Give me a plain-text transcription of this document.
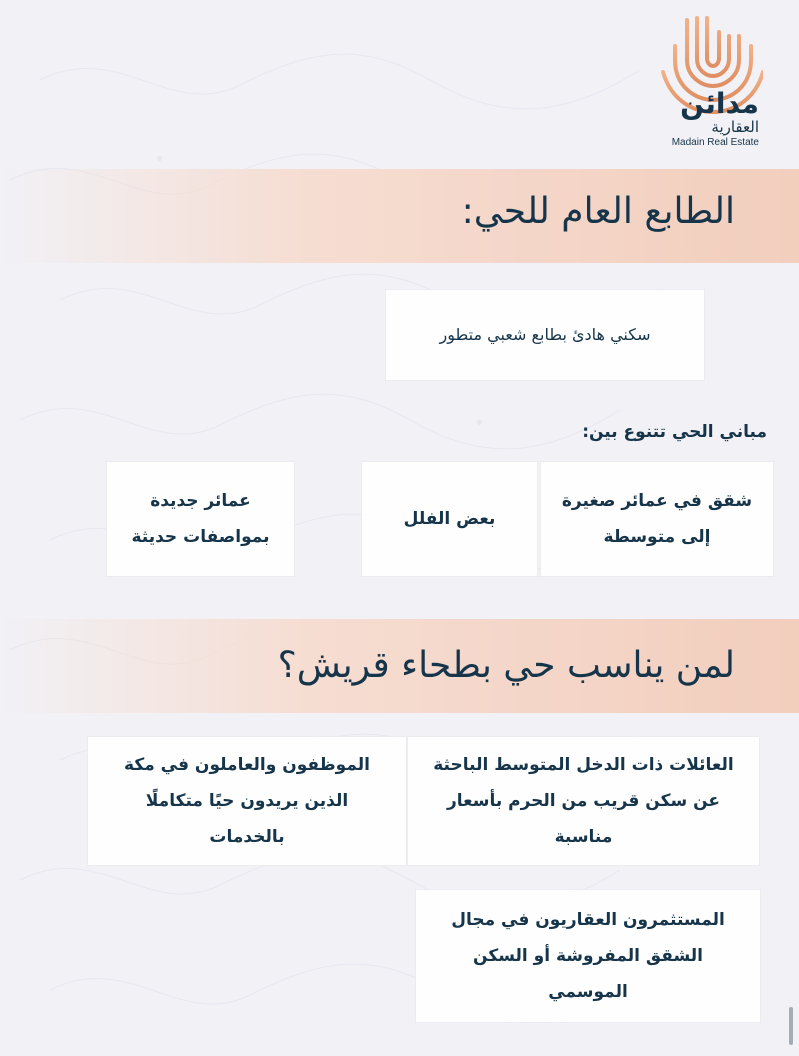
مدائن
العقارية
Madain Real Estate
الطابع العام للحي:
سكني هادئ بطابع شعبي متطور
مباني الحي تتنوع بين:
شقق في عمائر صغيرة إلى متوسطة
بعض الفلل
عمائر جديدة بمواصفات حديثة
لمن يناسب حي بطحاء قريش؟
العائلات ذات الدخل المتوسط الباحثة عن سكن قريب من الحرم بأسعار مناسبة
الموظفون والعاملون في مكة الذين يريدون حيًا متكاملًا بالخدمات
المستثمرون العقاريون في مجال الشقق المفروشة أو السكن الموسمي
